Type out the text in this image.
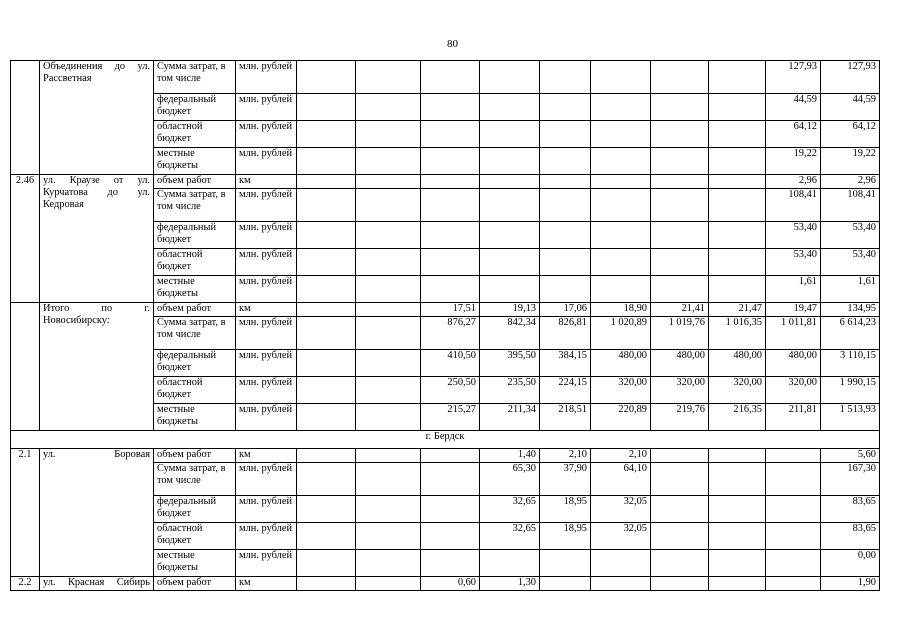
80
	Объединения до ул. Рассветная	Сумма затрат, в том числе	млн. рублей									127,93	127,93
		федеральный бюджет	млн. рублей									44,59	44,59
		областной бюджет	млн. рублей									64,12	64,12
		местные бюджеты	млн. рублей									19,22	19,22
2.46	ул. Краузе от ул. Курчатова до ул. Кедровая	объем работ	км									2,96	2,96
		Сумма затрат, в том числе	млн. рублей									108,41	108,41
		федеральный бюджет	млн. рублей									53,40	53,40
		областной бюджет	млн. рублей									53,40	53,40
		местные бюджеты	млн. рублей									1,61	1,61
	Итого по г. Новосибирску:	объем работ	км			17,51	19,13	17,06	18,90	21,41	21,47	19,47	134,95
		Сумма затрат, в том числе	млн. рублей			876,27	842,34	826,81	1 020,89	1 019,76	1 016,35	1 011,81	6 614,23
		федеральный бюджет	млн. рублей			410,50	395,50	384,15	480,00	480,00	480,00	480,00	3 110,15
		областной бюджет	млн. рублей			250,50	235,50	224,15	320,00	320,00	320,00	320,00	1 990,15
		местные бюджеты	млн. рублей			215,27	211,34	218,51	220,89	219,76	216,35	211,81	1 513,93
г. Бердск													
2.1	ул. Боровая	объем работ	км				1,40	2,10	2,10				5,60
		Сумма затрат, в том числе	млн. рублей				65,30	37,90	64,10				167,30
		федеральный бюджет	млн. рублей				32,65	18,95	32,05				83,65
		областной бюджет	млн. рублей				32,65	18,95	32,05				83,65
		местные бюджеты	млн. рублей										0,00
2.2	ул. Красная Сибирь	объем работ	км			0,60	1,30						1,90
